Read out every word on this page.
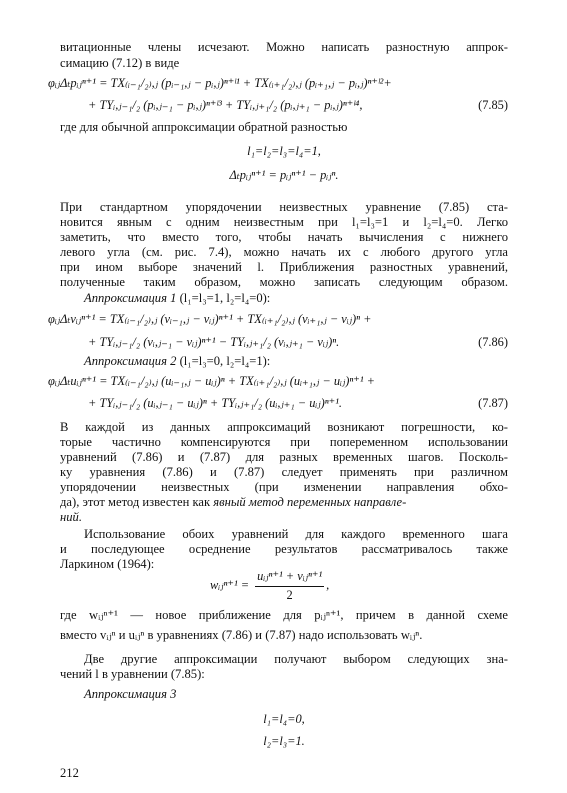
витационные члены исчезают. Можно написать разностную аппрок-
симацию (7.12) в виде
φᵢⱼΔₜpᵢⱼⁿ⁺¹ = TX₍ᵢ₋₁/₂₎,ⱼ (pᵢ₋₁,ⱼ − pᵢ,ⱼ)ⁿ⁺ˡ¹ + TX₍ᵢ₊₁/₂₎,ⱼ (pᵢ₊₁,ⱼ − pᵢ,ⱼ)ⁿ⁺ˡ²+
+ TYᵢ,ⱼ₋₁/₂ (pᵢ,ⱼ₋₁ − pᵢ,ⱼ)ⁿ⁺ˡ³ + TYᵢ,ⱼ₊₁/₂ (pᵢ,ⱼ₊₁ − pᵢ,ⱼ)ⁿ⁺ˡ⁴,	(7.85)
где для обычной аппроксимации обратной разностью
l₁=l₂=l₃=l₄=1,
Δₜpᵢⱼⁿ⁺¹ = pᵢⱼⁿ⁺¹ − pᵢⱼⁿ.
При стандартном упорядочении неизвестных уравнение (7.85) ста-
новится явным с одним неизвестным при l₁=l₃=1 и l₂=l₄=0. Легко
заметить, что вместо того, чтобы начать вычисления с нижнего
левого угла (см. рис. 7.4), можно начать их с любого другого угла
при ином выборе значений l. Приближения разностных уравнений,
полученные таким образом, можно записать следующим образом.
Аппроксимация 1 (l₁=l₃=1, l₂=l₄=0):
φᵢⱼΔₜvᵢⱼⁿ⁺¹ = TX₍ᵢ₋₁/₂₎,ⱼ (vᵢ₋₁,ⱼ − vᵢⱼ)ⁿ⁺¹ + TX₍ᵢ₊₁/₂₎,ⱼ (vᵢ₊₁,ⱼ − vᵢⱼ)ⁿ +
+ TYᵢ,ⱼ₋₁/₂ (vᵢ,ⱼ₋₁ − vᵢⱼ)ⁿ⁺¹ − TYᵢ,ⱼ₊₁/₂ (vᵢ,ⱼ₊₁ − vᵢⱼ)ⁿ.	(7.86)
Аппроксимация 2 (l₁=l₃=0, l₂=l₄=1):
φᵢⱼΔₜuᵢⱼⁿ⁺¹ = TX₍ᵢ₋₁/₂₎,ⱼ (uᵢ₋₁,ⱼ − uᵢⱼ)ⁿ + TX₍ᵢ₊₁/₂₎,ⱼ (uᵢ₊₁,ⱼ − uᵢⱼ)ⁿ⁺¹ +
+ TYᵢ,ⱼ₋₁/₂ (uᵢ,ⱼ₋₁ − uᵢⱼ)ⁿ + TYᵢ,ⱼ₊₁/₂ (uᵢ,ⱼ₊₁ − uᵢⱼ)ⁿ⁺¹.	(7.87)
В каждой из данных аппроксимаций возникают погрешности, ко-
торые частично компенсируются при попеременном использовании
уравнений (7.86) и (7.87) для разных временных шагов. Посколь-
ку уравнения (7.86) и (7.87) следует применять при различном
упорядочении неизвестных (при изменении направления обхо-
да), этот метод известен как явный метод переменных направле-
ний.
Использование обоих уравнений для каждого временного шага
и последующее осреднение результатов рассматривалось также
Ларкином (1964):
wᵢⱼⁿ⁺¹ =
uᵢⱼⁿ⁺¹ + vᵢⱼⁿ⁺¹
2
,
где wᵢⱼⁿ⁺¹ — новое приближение для pᵢⱼⁿ⁺¹, причем в данной схеме
вместо vᵢⱼⁿ и uᵢⱼⁿ в уравнениях (7.86) и (7.87) надо использовать wᵢⱼⁿ.
Две другие аппроксимации получают выбором следующих зна-
чений l в уравнении (7.85):
Аппроксимация 3
l₁=l₄=0,
l₂=l₃=1.
212
